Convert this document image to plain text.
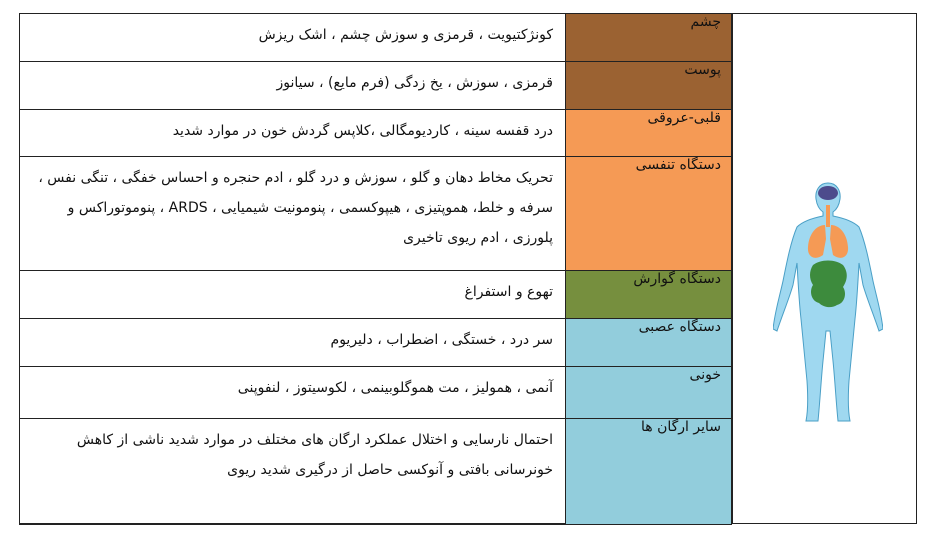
چشم	کونژکتیویت ، قرمزی و سوزش چشم ، اشک ریزش

پوست	قرمزی ، سوزش ، یخ زدگی (فرم مایع) ، سیانوز

قلبی-عروقی	درد قفسه سینه ، کاردیومگالی ،کلاپس گردش خون در موارد شدید

دستگاه تنفسی	تحریک مخاط دهان و گلو ، سوزش و درد گلو ، ادم حنجره و احساس خفگی ، تنگی نفس ، سرفه و خلط، هموپتیزی ، هیپوکسمی ، پنومونیت شیمیایی ، ARDS ، پنوموتوراکس و پلورزی ، ادم ریوی تاخیری

دستگاه گوارش	تهوع و استفراغ

دستگاه عصبی	سر درد ، خستگی ، اضطراب ، دلیریوم

خونی	آنمی ، همولیز ، مت هموگلوبینمی ، لکوسیتوز ، لنفوپنی

سایر ارگان ها	احتمال نارسایی و اختلال عملکرد ارگان های مختلف در موارد شدید ناشی از کاهش خونرسانی بافتی و آنوکسی حاصل از درگیری شدید ریوی
